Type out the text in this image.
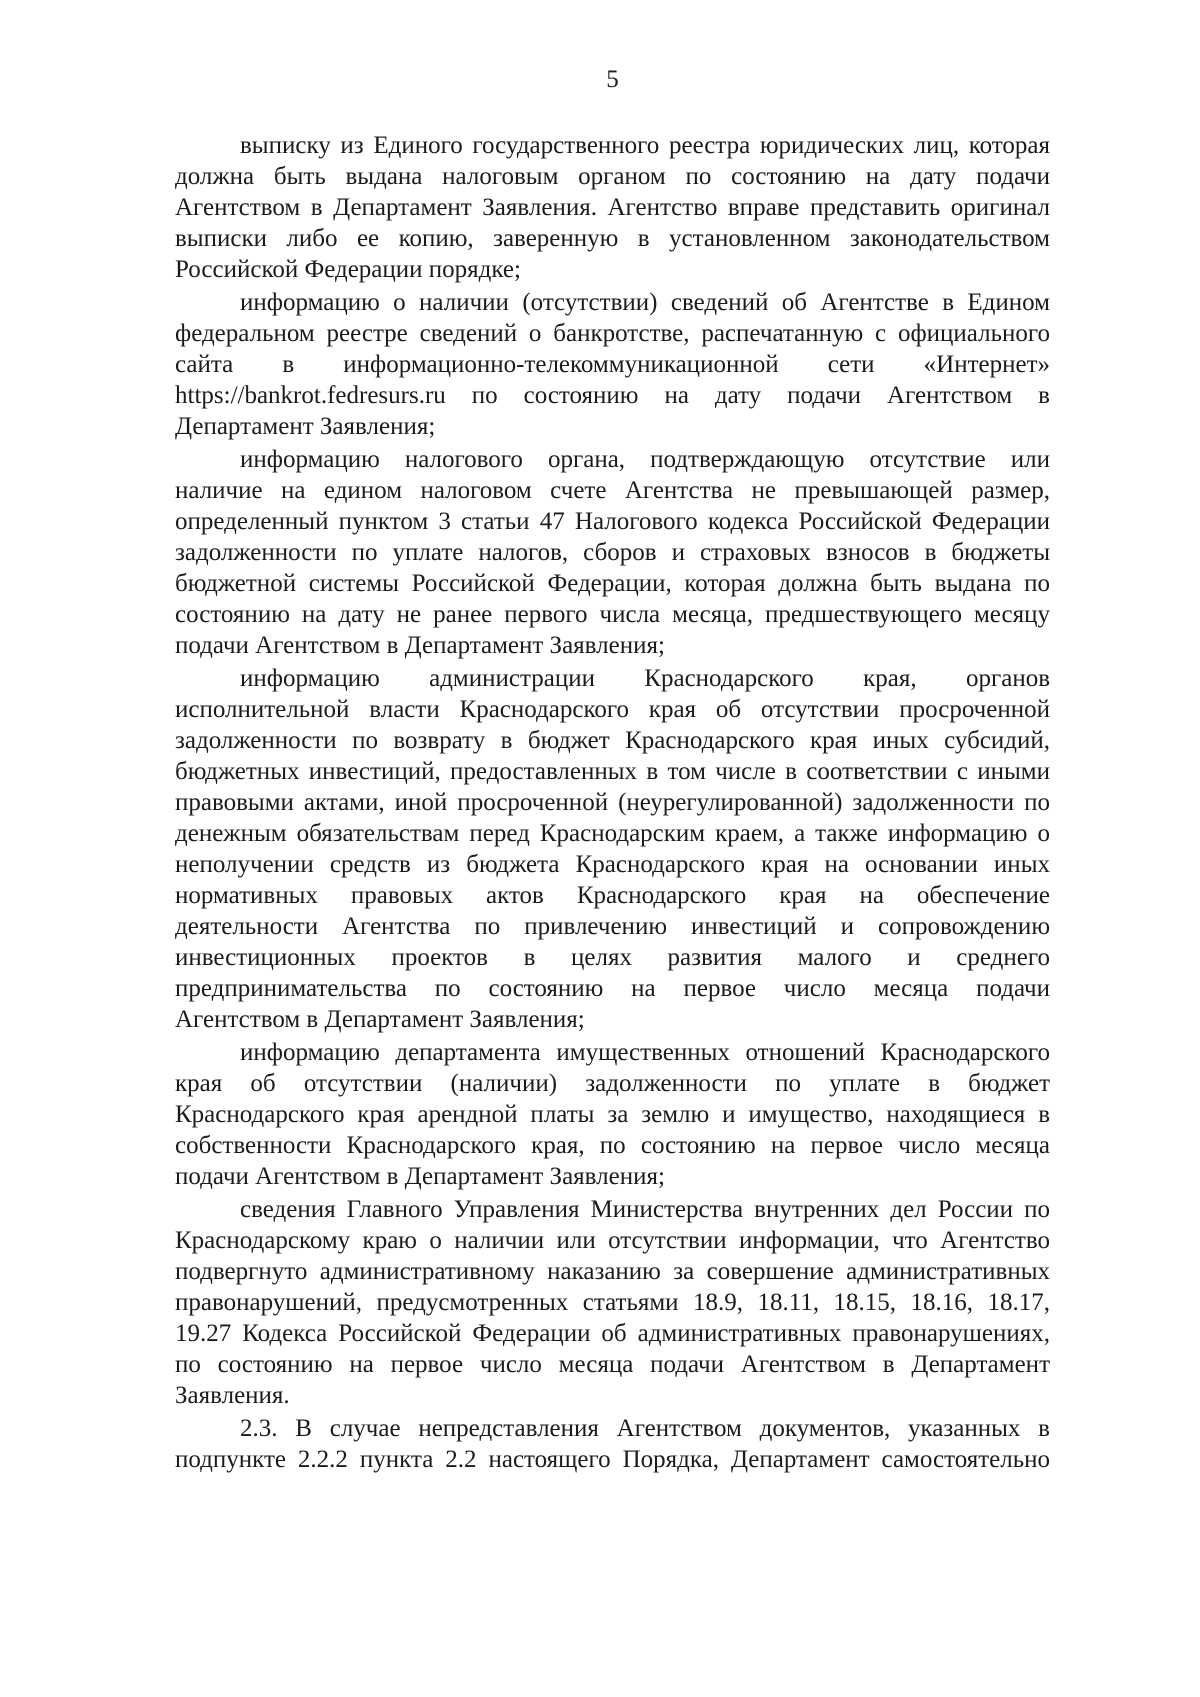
5
выписку из Единого государственного реестра юридических лиц, которая
должна быть выдана налоговым органом по состоянию на дату подачи
Агентством в Департамент Заявления. Агентство вправе представить оригинал
выписки либо ее копию, заверенную в установленном законодательством
Российской Федерации порядке;
информацию о наличии (отсутствии) сведений об Агентстве в Едином
федеральном реестре сведений о банкротстве, распечатанную с официального
сайта в информационно-телекоммуникационной сети «Интернет»
https://bankrot.fedresurs.ru по состоянию на дату подачи Агентством в
Департамент Заявления;
информацию налогового органа, подтверждающую отсутствие или
наличие на едином налоговом счете Агентства не превышающей размер,
определенный пунктом 3 статьи 47 Налогового кодекса Российской Федерации
задолженности по уплате налогов, сборов и страховых взносов в бюджеты
бюджетной системы Российской Федерации, которая должна быть выдана по
состоянию на дату не ранее первого числа месяца, предшествующего месяцу
подачи Агентством в Департамент Заявления;
информацию администрации Краснодарского края, органов
исполнительной власти Краснодарского края об отсутствии просроченной
задолженности по возврату в бюджет Краснодарского края иных субсидий,
бюджетных инвестиций, предоставленных в том числе в соответствии с иными
правовыми актами, иной просроченной (неурегулированной) задолженности по
денежным обязательствам перед Краснодарским краем, а также информацию о
неполучении средств из бюджета Краснодарского края на основании иных
нормативных правовых актов Краснодарского края на обеспечение
деятельности Агентства по привлечению инвестиций и сопровождению
инвестиционных проектов в целях развития малого и среднего
предпринимательства по состоянию на первое число месяца подачи
Агентством в Департамент Заявления;
информацию департамента имущественных отношений Краснодарского
края об отсутствии (наличии) задолженности по уплате в бюджет
Краснодарского края арендной платы за землю и имущество, находящиеся в
собственности Краснодарского края, по состоянию на первое число месяца
подачи Агентством в Департамент Заявления;
сведения Главного Управления Министерства внутренних дел России по
Краснодарскому краю о наличии или отсутствии информации, что Агентство
подвергнуто административному наказанию за совершение административных
правонарушений, предусмотренных статьями 18.9, 18.11, 18.15, 18.16, 18.17,
19.27 Кодекса Российской Федерации об административных правонарушениях,
по состоянию на первое число месяца подачи Агентством в Департамент
Заявления.
2.3. В случае непредставления Агентством документов, указанных в
подпункте 2.2.2 пункта 2.2 настоящего Порядка, Департамент самостоятельно
